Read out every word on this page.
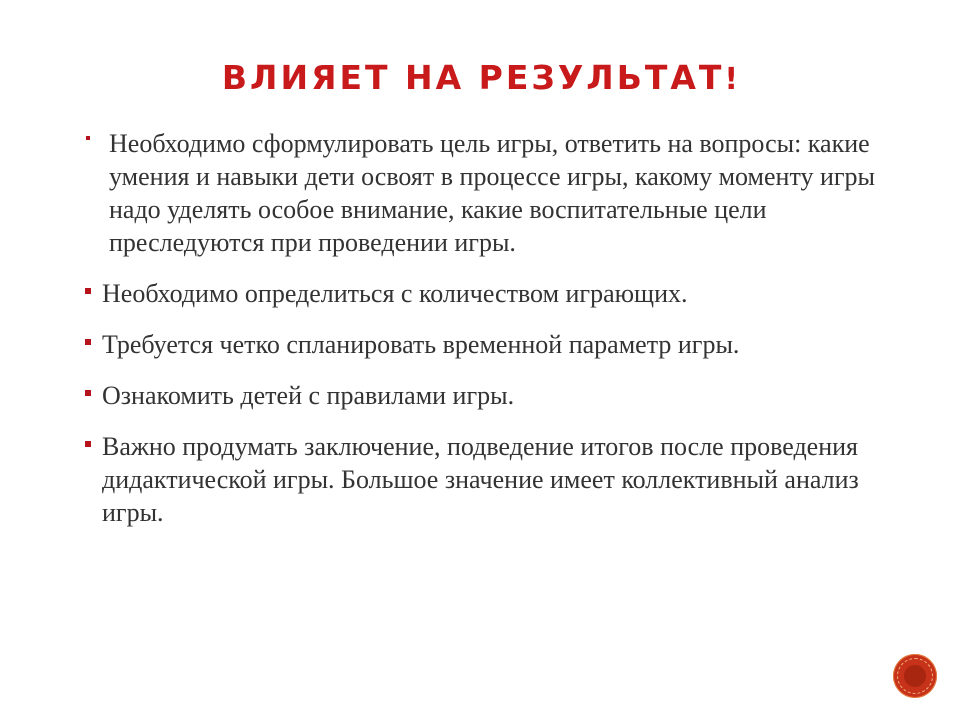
ВЛИЯЕТ НА РЕЗУЛЬТАТ!
Необходимо сформулировать цель игры, ответить на вопросы: какие умения и навыки дети освоят в процессе игры, какому моменту игры надо уделять особое внимание, какие воспитательные цели преследуются при проведении игры.
Необходимо определиться с количеством играющих.
Требуется четко спланировать временной параметр игры.
Ознакомить детей с правилами игры.
Важно продумать заключение, подведение итогов после проведения дидактической игры. Большое значение имеет коллективный анализ игры.
